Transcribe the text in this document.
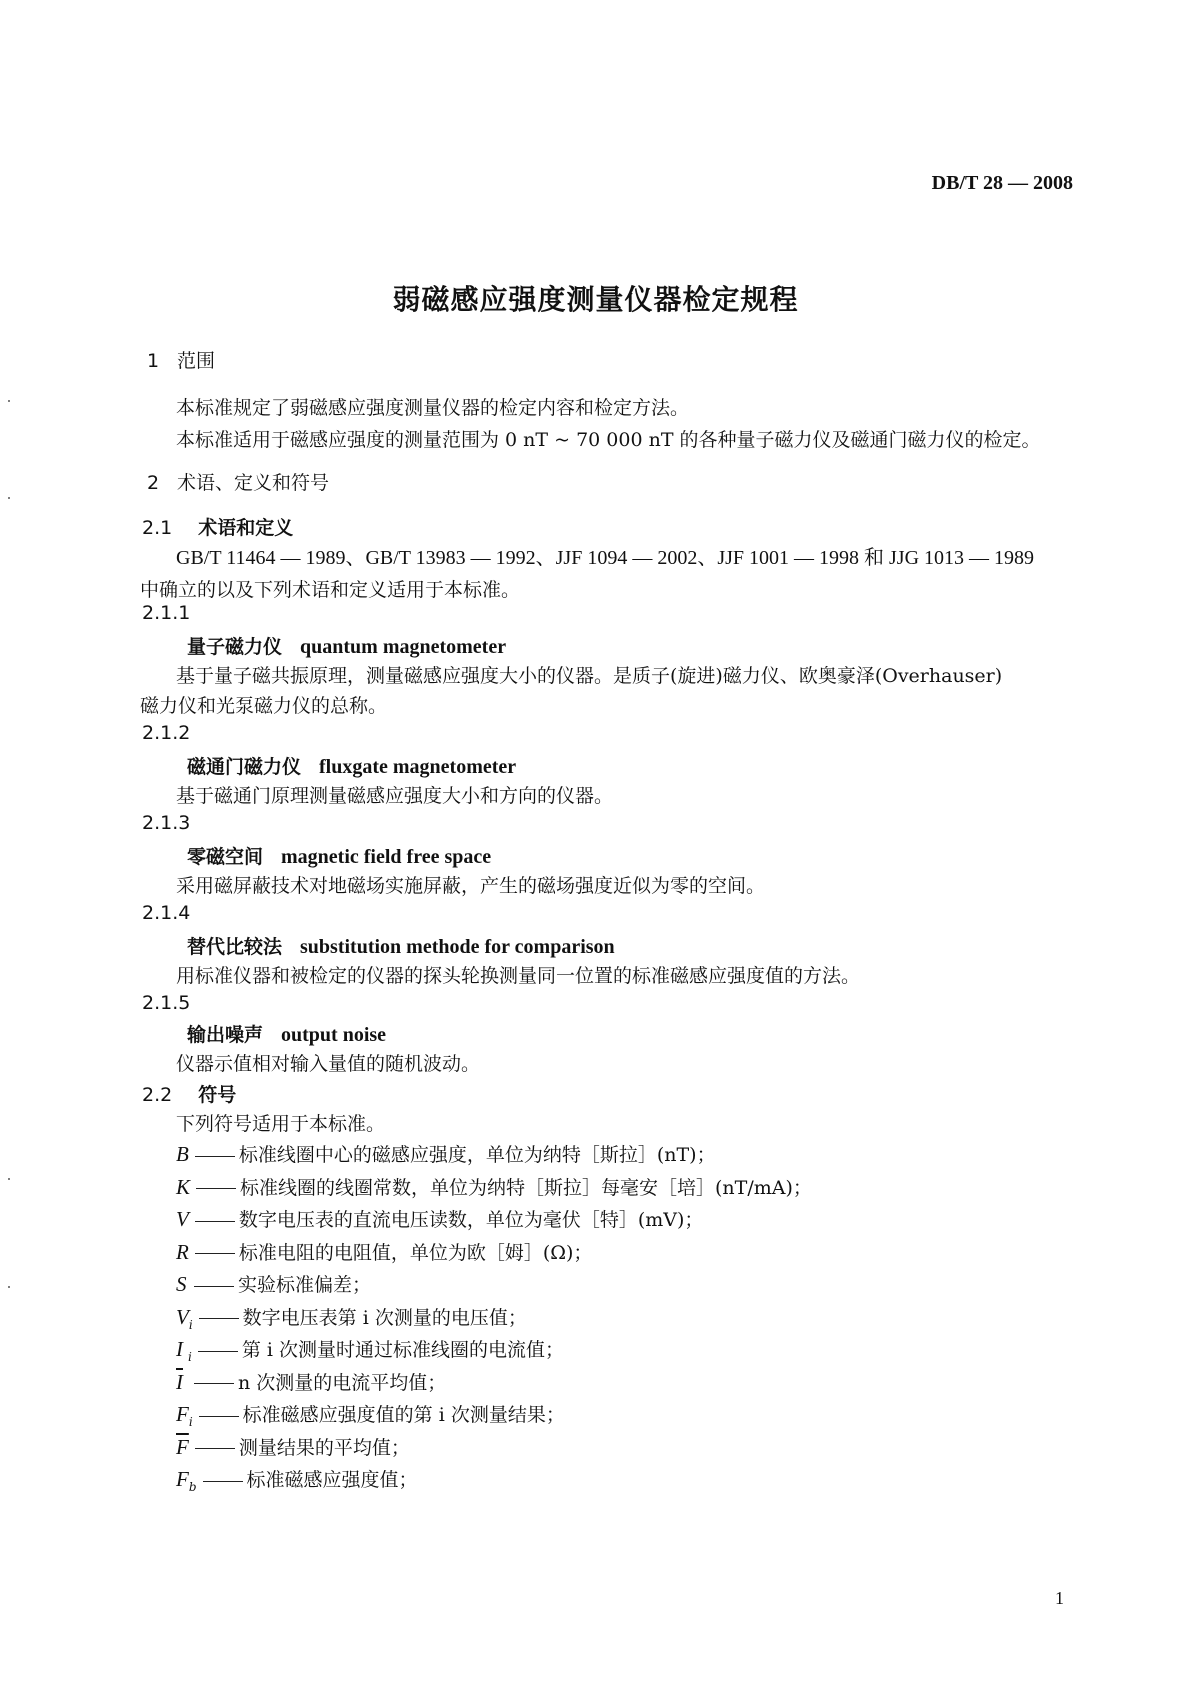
DB/T 28 — 2008
弱磁感应强度测量仪器检定规程
1 范围
本标准规定了弱磁感应强度测量仪器的检定内容和检定方法。
本标准适用于磁感应强度的测量范围为 0 nT ~ 70 000 nT 的各种量子磁力仪及磁通门磁力仪的检定。
2 术语、定义和符号
2.1 术语和定义
GB/T 11464 — 1989、GB/T 13983 — 1992、JJF 1094 — 2002、JJF 1001 — 1998 和 JJG 1013 — 1989
中确立的以及下列术语和定义适用于本标准。
2.1.1
量子磁力仪 quantum magnetometer
基于量子磁共振原理，测量磁感应强度大小的仪器。是质子(旋进)磁力仪、欧奥豪泽(Overhauser)
磁力仪和光泵磁力仪的总称。
2.1.2
磁通门磁力仪 fluxgate magnetometer
基于磁通门原理测量磁感应强度大小和方向的仪器。
2.1.3
零磁空间 magnetic field free space
采用磁屏蔽技术对地磁场实施屏蔽，产生的磁场强度近似为零的空间。
2.1.4
替代比较法 substitution methode for comparison
用标准仪器和被检定的仪器的探头轮换测量同一位置的标准磁感应强度值的方法。
2.1.5
输出噪声 output noise
仪器示值相对输入量值的随机波动。
2.2 符号
下列符号适用于本标准。
B	标准线圈中心的磁感应强度，单位为纳特［斯拉］(nT)；
K	标准线圈的线圈常数，单位为纳特［斯拉］每毫安［培］(nT/mA)；
V	数字电压表的直流电压读数，单位为毫伏［特］(mV)；
R	标准电阻的电阻值，单位为欧［姆］(Ω)；
S	实验标准偏差；
$V_i$	数字电压表第 i 次测量的电压值；
I $_i$	第 i 次测量时通过标准线圈的电流值；
$\overline{I}$	n 次测量的电流平均值；
$F_i$	标准磁感应强度值的第 i 次测量结果；
$\overline{F}$	测量结果的平均值；
$F_b$	标准磁感应强度值；
1
